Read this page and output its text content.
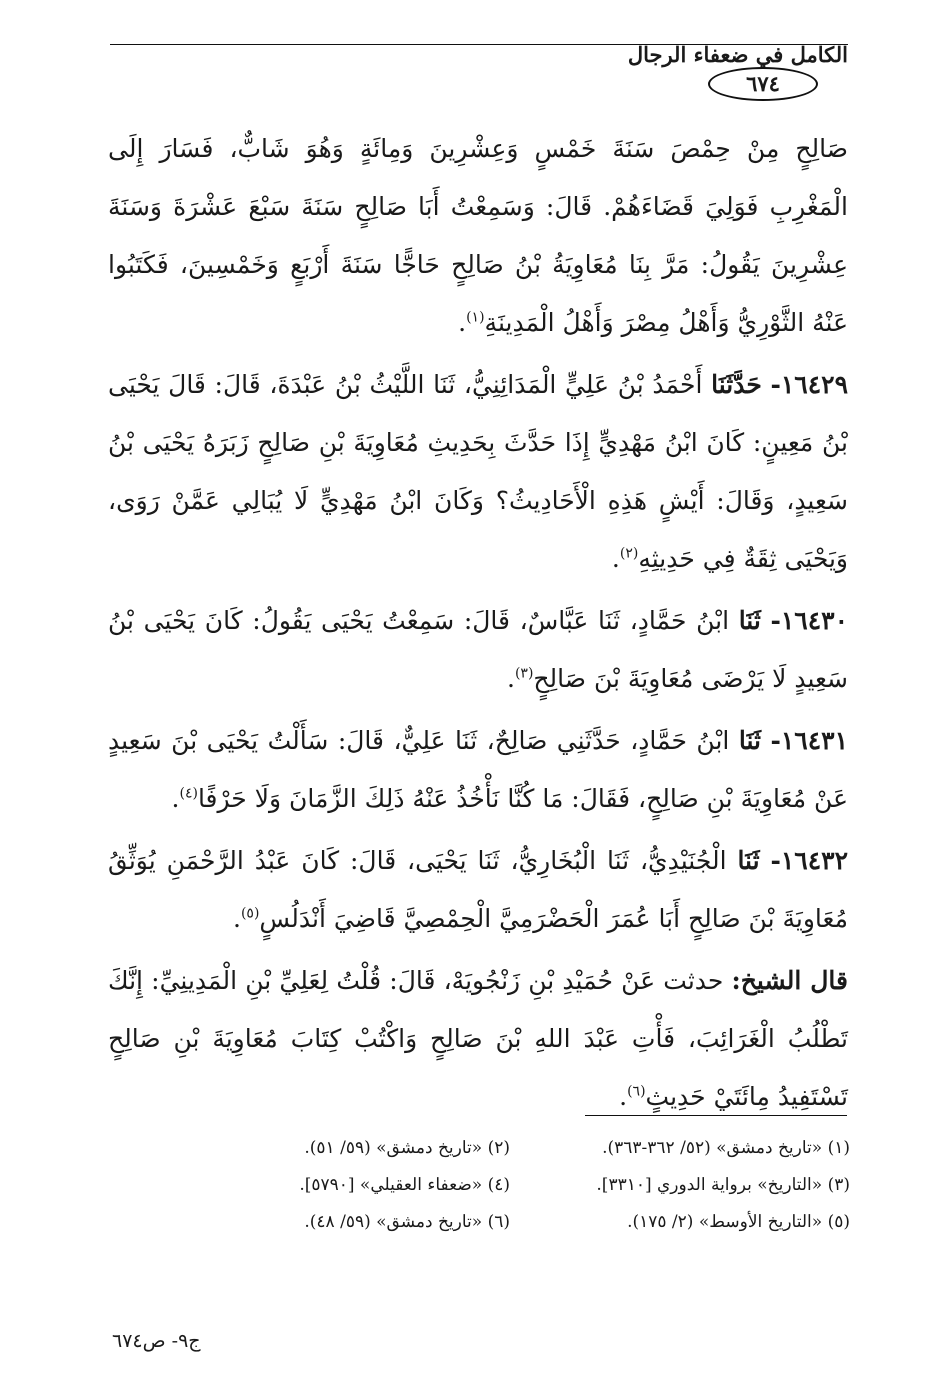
الكامل في ضعفاء الرجال
٦٧٤

صَالِحٍ مِنْ حِمْصَ سَنَةَ خَمْسٍ وَعِشْرِينَ وَمِائَةٍ وَهُوَ شَابٌّ، فَسَارَ إِلَى الْمَغْرِبِ فَوَلِيَ قَضَاءَهُمْ. قَالَ: وَسَمِعْتُ أَبَا صَالِحٍ سَنَةَ سَبْعَ عَشْرَةَ وَسَنَةَ عِشْرِينَ يَقُولُ: مَرَّ بِنَا مُعَاوِيَةُ بْنُ صَالِحٍ حَاجًّا سَنَةَ أَرْبَعٍ وَخَمْسِينَ، فَكَتَبُوا عَنْهُ الثَّوْرِيُّ وَأَهْلُ مِصْرَ وَأَهْلُ الْمَدِينَةِ$^{(١)}$.

١٦٤٢٩- حَدَّثَنَا أَحْمَدُ بْنُ عَلِيٍّ الْمَدَائِنِيُّ، ثَنَا اللَّيْثُ بْنُ عَبْدَةَ، قَالَ: قَالَ يَحْيَى بْنُ مَعِينٍ: كَانَ ابْنُ مَهْدِيٍّ إِذَا حَدَّثَ بِحَدِيثِ مُعَاوِيَةَ بْنِ صَالِحٍ زَبَرَهُ يَحْيَى بْنُ سَعِيدٍ، وَقَالَ: أَيْشٍ هَذِهِ الْأَحَادِيثُ؟ وَكَانَ ابْنُ مَهْدِيٍّ لَا يُبَالِي عَمَّنْ رَوَى، وَيَحْيَى ثِقَةٌ فِي حَدِيثِهِ$^{(٢)}$.

١٦٤٣٠- ثَنَا ابْنُ حَمَّادٍ، ثَنَا عَبَّاسٌ، قَالَ: سَمِعْتُ يَحْيَى يَقُولُ: كَانَ يَحْيَى بْنُ سَعِيدٍ لَا يَرْضَى مُعَاوِيَةَ بْنَ صَالِحٍ$^{(٣)}$.

١٦٤٣١- ثَنَا ابْنُ حَمَّادٍ، حَدَّثَنِي صَالِحٌ، ثَنَا عَلِيٌّ، قَالَ: سَأَلْتُ يَحْيَى بْنَ سَعِيدٍ عَنْ مُعَاوِيَةَ بْنِ صَالِحٍ، فَقَالَ: مَا كُنَّا نَأْخُذُ عَنْهُ ذَلِكَ الزَّمَانَ وَلَا حَرْفًا$^{(٤)}$.

١٦٤٣٢- ثَنَا الْجُنَيْدِيُّ، ثَنَا الْبُخَارِيُّ، ثَنَا يَحْيَى، قَالَ: كَانَ عَبْدُ الرَّحْمَنِ يُوَثِّقُ مُعَاوِيَةَ بْنَ صَالِحٍ أَبَا عُمَرَ الْحَضْرَمِيَّ الْحِمْصِيَّ قَاضِيَ أَنْدَلُسٍ$^{(٥)}$.

قال الشيخ: حدثت عَنْ حُمَيْدِ بْنِ زَنْجُويَهْ، قَالَ: قُلْتُ لِعَلِيِّ بْنِ الْمَدِينِيِّ: إِنَّكَ تَطْلُبُ الْغَرَائِبَ، فَأْتِ عَبْدَ اللهِ بْنَ صَالِحٍ وَاكْتُبْ كِتَابَ مُعَاوِيَةَ بْنِ صَالِحٍ تَسْتَفِيدُ مِائَتَيْ حَدِيثٍ$^{(٦)}$.

(١) «تاريخ دمشق» (٥٢/ ٣٦٢-٣٦٣).
(٢) «تاريخ دمشق» (٥٩/ ٥١).
(٣) «التاريخ» برواية الدوري [٣٣١٠].
(٤) «ضعفاء العقيلي» [٥٧٩٠].
(٥) «التاريخ الأوسط» (٢/ ١٧٥).
(٦) «تاريخ دمشق» (٥٩/ ٤٨).
ج٩- ص٦٧٤
